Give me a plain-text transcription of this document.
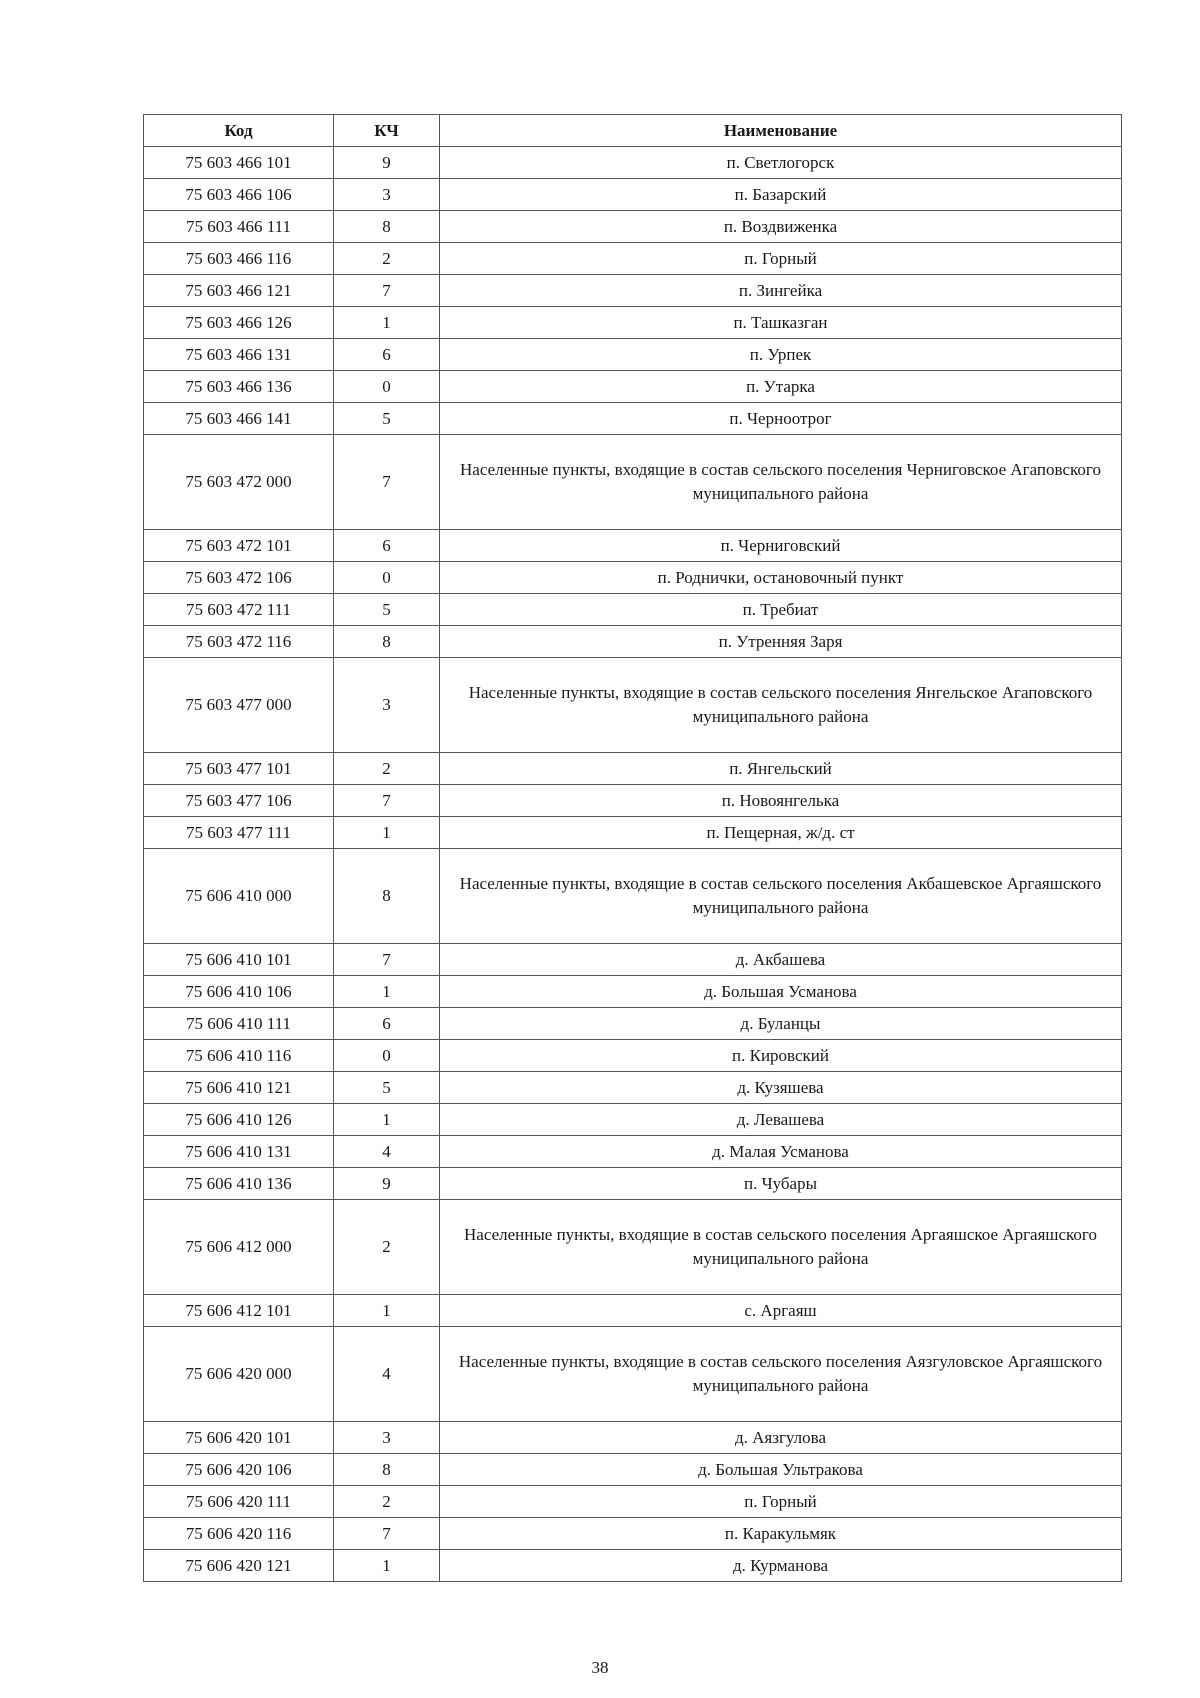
Код	КЧ	Наименование
75 603 466 101	9	п. Светлогорск
75 603 466 106	3	п. Базарский
75 603 466 111	8	п. Воздвиженка
75 603 466 116	2	п. Горный
75 603 466 121	7	п. Зингейка
75 603 466 126	1	п. Ташказган
75 603 466 131	6	п. Урпек
75 603 466 136	0	п. Утарка
75 603 466 141	5	п. Черноотрог
75 603 472 000	7	Населенные пункты, входящие в состав сельского поселения Черниговское Агаповского муниципального района
75 603 472 101	6	п. Черниговский
75 603 472 106	0	п. Роднички, остановочный пункт
75 603 472 111	5	п. Требиат
75 603 472 116	8	п. Утренняя Заря
75 603 477 000	3	Населенные пункты, входящие в состав сельского поселения Янгельское Агаповского муниципального района
75 603 477 101	2	п. Янгельский
75 603 477 106	7	п. Новоянгелька
75 603 477 111	1	п. Пещерная, ж/д. ст
75 606 410 000	8	Населенные пункты, входящие в состав сельского поселения Акбашевское Аргаяшского муниципального района
75 606 410 101	7	д. Акбашева
75 606 410 106	1	д. Большая Усманова
75 606 410 111	6	д. Буланцы
75 606 410 116	0	п. Кировский
75 606 410 121	5	д. Кузяшева
75 606 410 126	1	д. Левашева
75 606 410 131	4	д. Малая Усманова
75 606 410 136	9	п. Чубары
75 606 412 000	2	Населенные пункты, входящие в состав сельского поселения Аргаяшское Аргаяшского муниципального района
75 606 412 101	1	с. Аргаяш
75 606 420 000	4	Населенные пункты, входящие в состав сельского поселения Аязгуловское Аргаяшского муниципального района
75 606 420 101	3	д. Аязгулова
75 606 420 106	8	д. Большая Ультракова
75 606 420 111	2	п. Горный
75 606 420 116	7	п. Каракульмяк
75 606 420 121	1	д. Курманова
38
